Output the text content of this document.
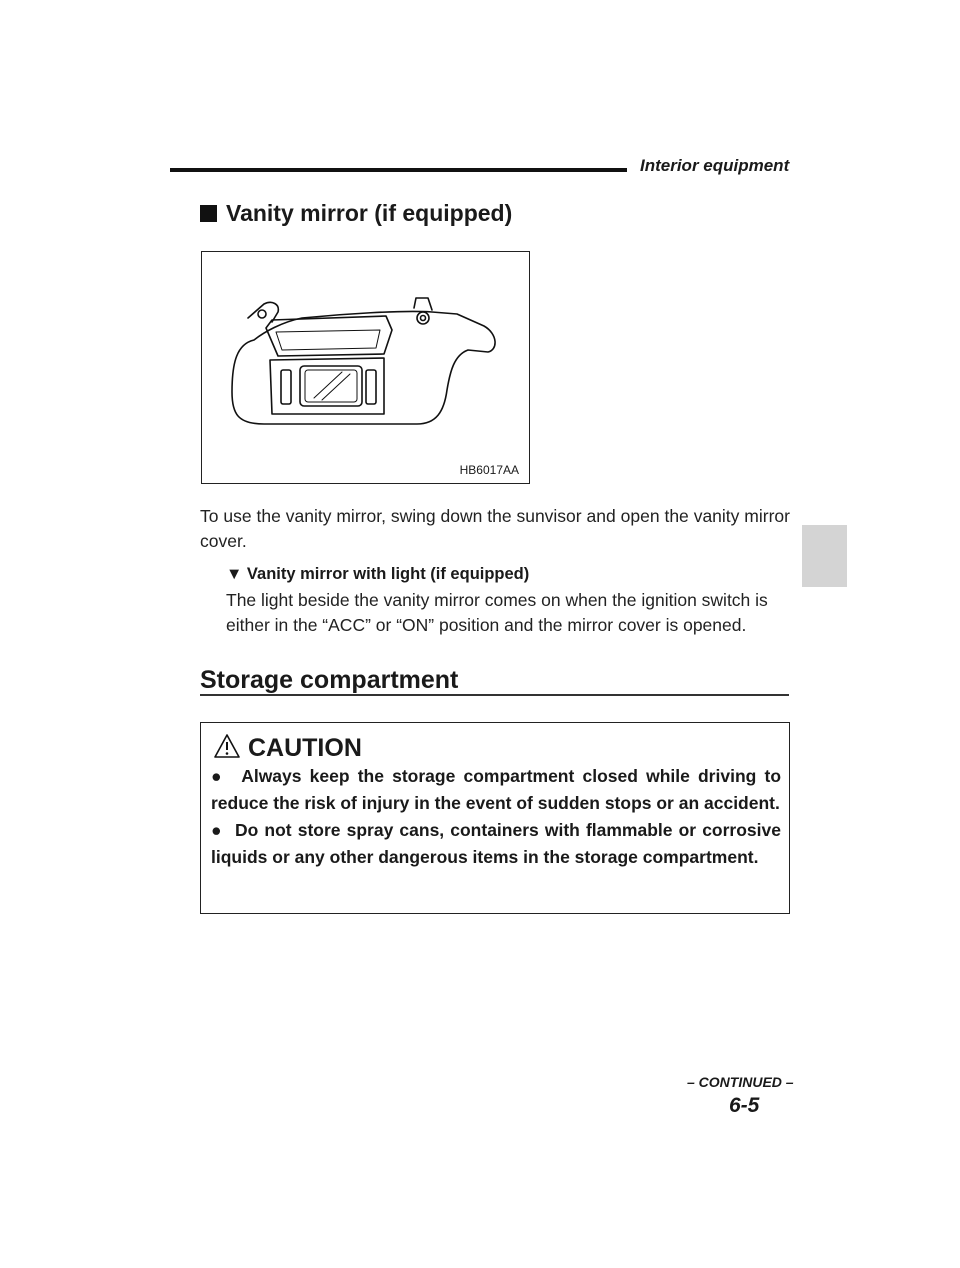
Interior equipment
Vanity mirror (if equipped)
HB6017AA
To use the vanity mirror, swing down the sunvisor and open the vanity mirror cover.
▼ Vanity mirror with light (if equipped)
The light beside the vanity mirror comes on when the ignition switch is either in the “ACC” or “ON” position and the mirror cover is opened.
Storage compartment
CAUTION

●  Always keep the storage compartment closed while driving to reduce the risk of injury in the event of sudden stops or an accident.

●  Do not store spray cans, containers with flammable or corrosive liquids or any other dangerous items in the storage compartment.

– CONTINUED –
6-5
